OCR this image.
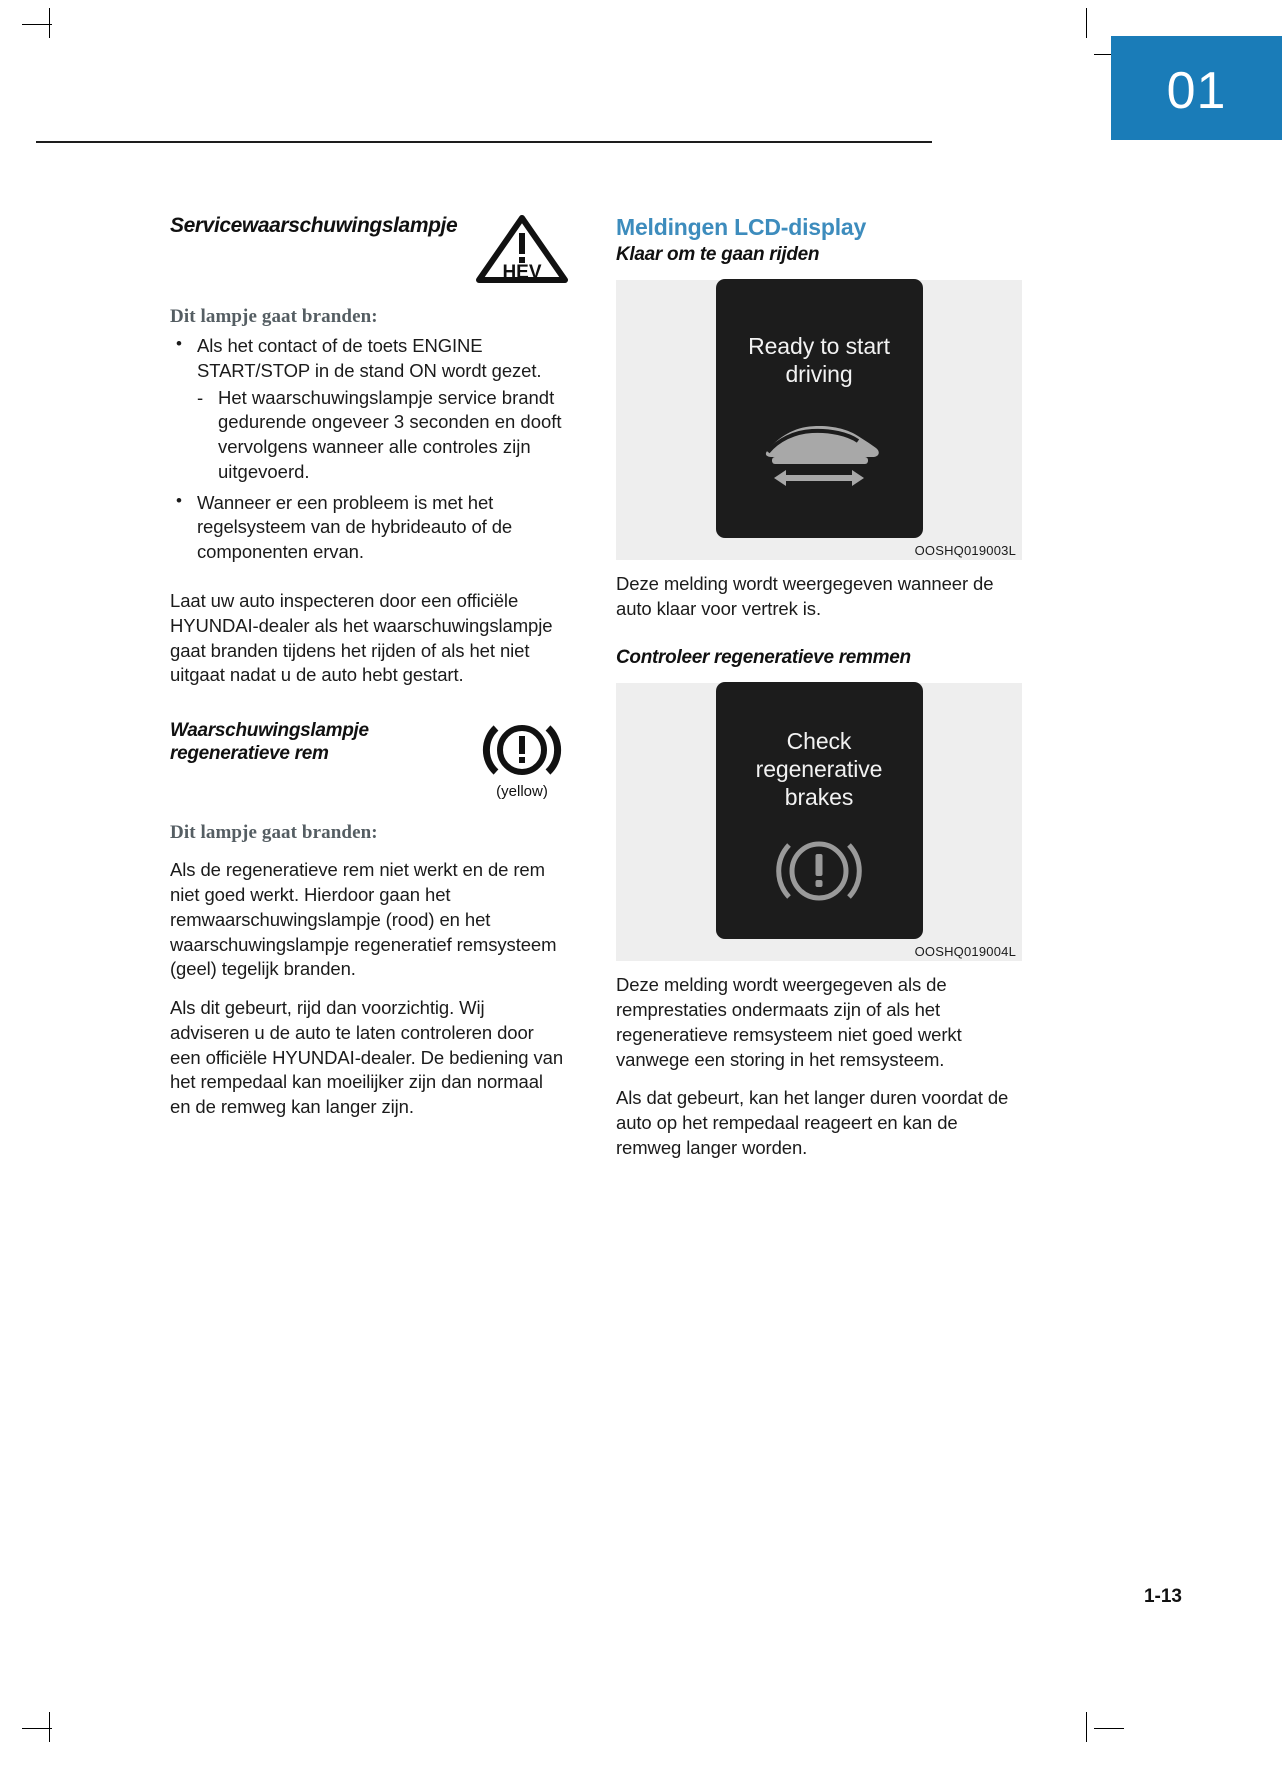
01
Servicewaarschuwingslampje
HEV
Dit lampje gaat branden:
• Als het contact of de toets ENGINE START/STOP in de stand ON wordt gezet.
- Het waarschuwingslampje service brandt gedurende ongeveer 3 seconden en dooft vervolgens wanneer alle controles zijn uitgevoerd.
• Wanneer er een probleem is met het regelsysteem van de hybrideauto of de componenten ervan.

Laat uw auto inspecteren door een officiële HYUNDAI-dealer als het waarschuwingslampje gaat branden tijdens het rijden of als het niet uitgaat nadat u de auto hebt gestart.

Waarschuwingslampje regeneratieve rem
(yellow)
Dit lampje gaat branden:

Als de regeneratieve rem niet werkt en de rem niet goed werkt. Hierdoor gaan het remwaarschuwingslampje (rood) en het waarschuwingslampje regeneratief remsysteem (geel) tegelijk branden.

Als dit gebeurt, rijd dan voorzichtig. Wij adviseren u de auto te laten controleren door een officiële HYUNDAI-dealer. De bediening van het rempedaal kan moeilijker zijn dan normaal en de remweg kan langer zijn.

Meldingen LCD-display
Klaar om te gaan rijden
Ready to start
driving
OOSHQ019003L

Deze melding wordt weergegeven wanneer de auto klaar voor vertrek is.

Controleer regeneratieve remmen
Check
regenerative
brakes
OOSHQ019004L

Deze melding wordt weergegeven als de remprestaties ondermaats zijn of als het regeneratieve remsysteem niet goed werkt vanwege een storing in het remsysteem.

Als dat gebeurt, kan het langer duren voordat de auto op het rempedaal reageert en kan de remweg langer worden.

1-13
